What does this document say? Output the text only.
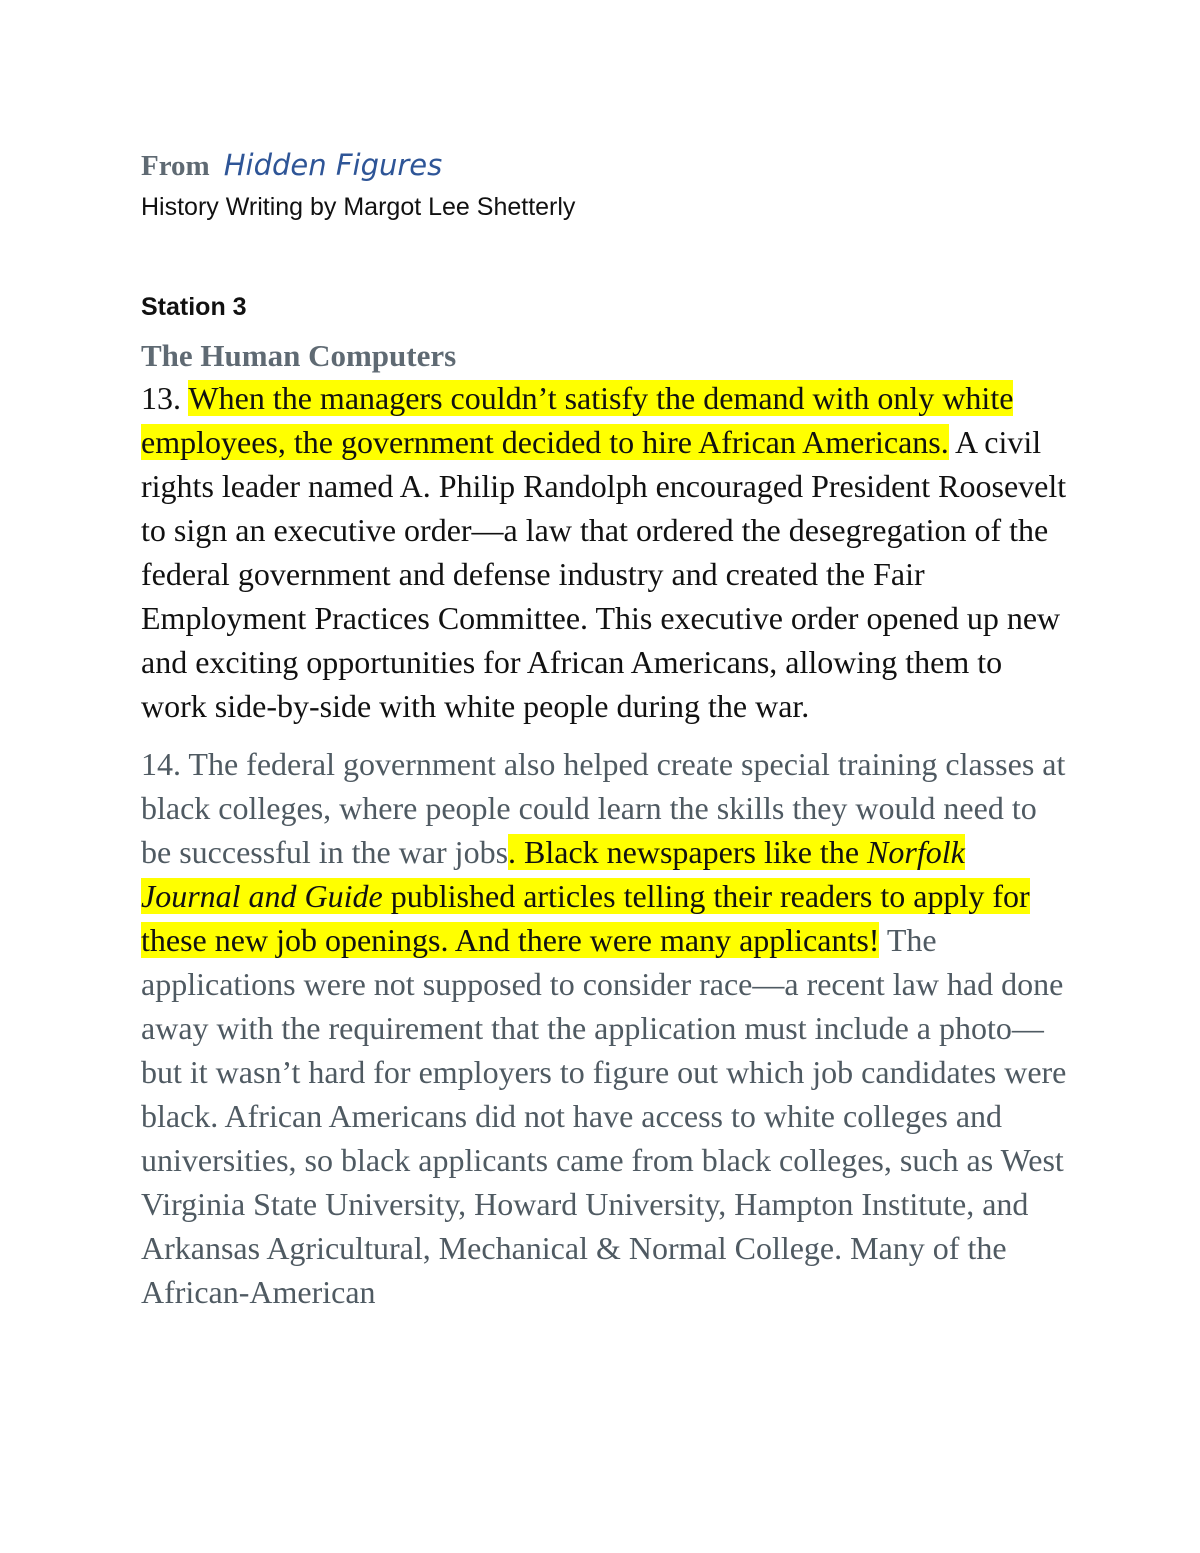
From Hidden Figures
History Writing by Margot Lee Shetterly
Station 3
The Human Computers

13. When the managers couldn’t satisfy the demand with only white employees, the government decided to hire African Americans. A civil rights leader named A. Philip Randolph encouraged President Roosevelt to sign an executive order—a law that ordered the desegregation of the federal government and defense industry and created the Fair Employment Practices Committee. This executive order opened up new and exciting opportunities for African Americans, allowing them to work side-by-side with white people during the war.

14. The federal government also helped create special training classes at black colleges, where people could learn the skills they would need to be successful in the war jobs. Black newspapers like the Norfolk Journal and Guide published articles telling their readers to apply for these new job openings. And there were many applicants! The applications were not supposed to consider race—a recent law had done away with the requirement that the application must include a photo—but it wasn’t hard for employers to figure out which job candidates were black. African Americans did not have access to white colleges and universities, so black applicants came from black colleges, such as West Virginia State University, Howard University, Hampton Institute, and Arkansas Agricultural, Mechanical & Normal College. Many of the African-American
